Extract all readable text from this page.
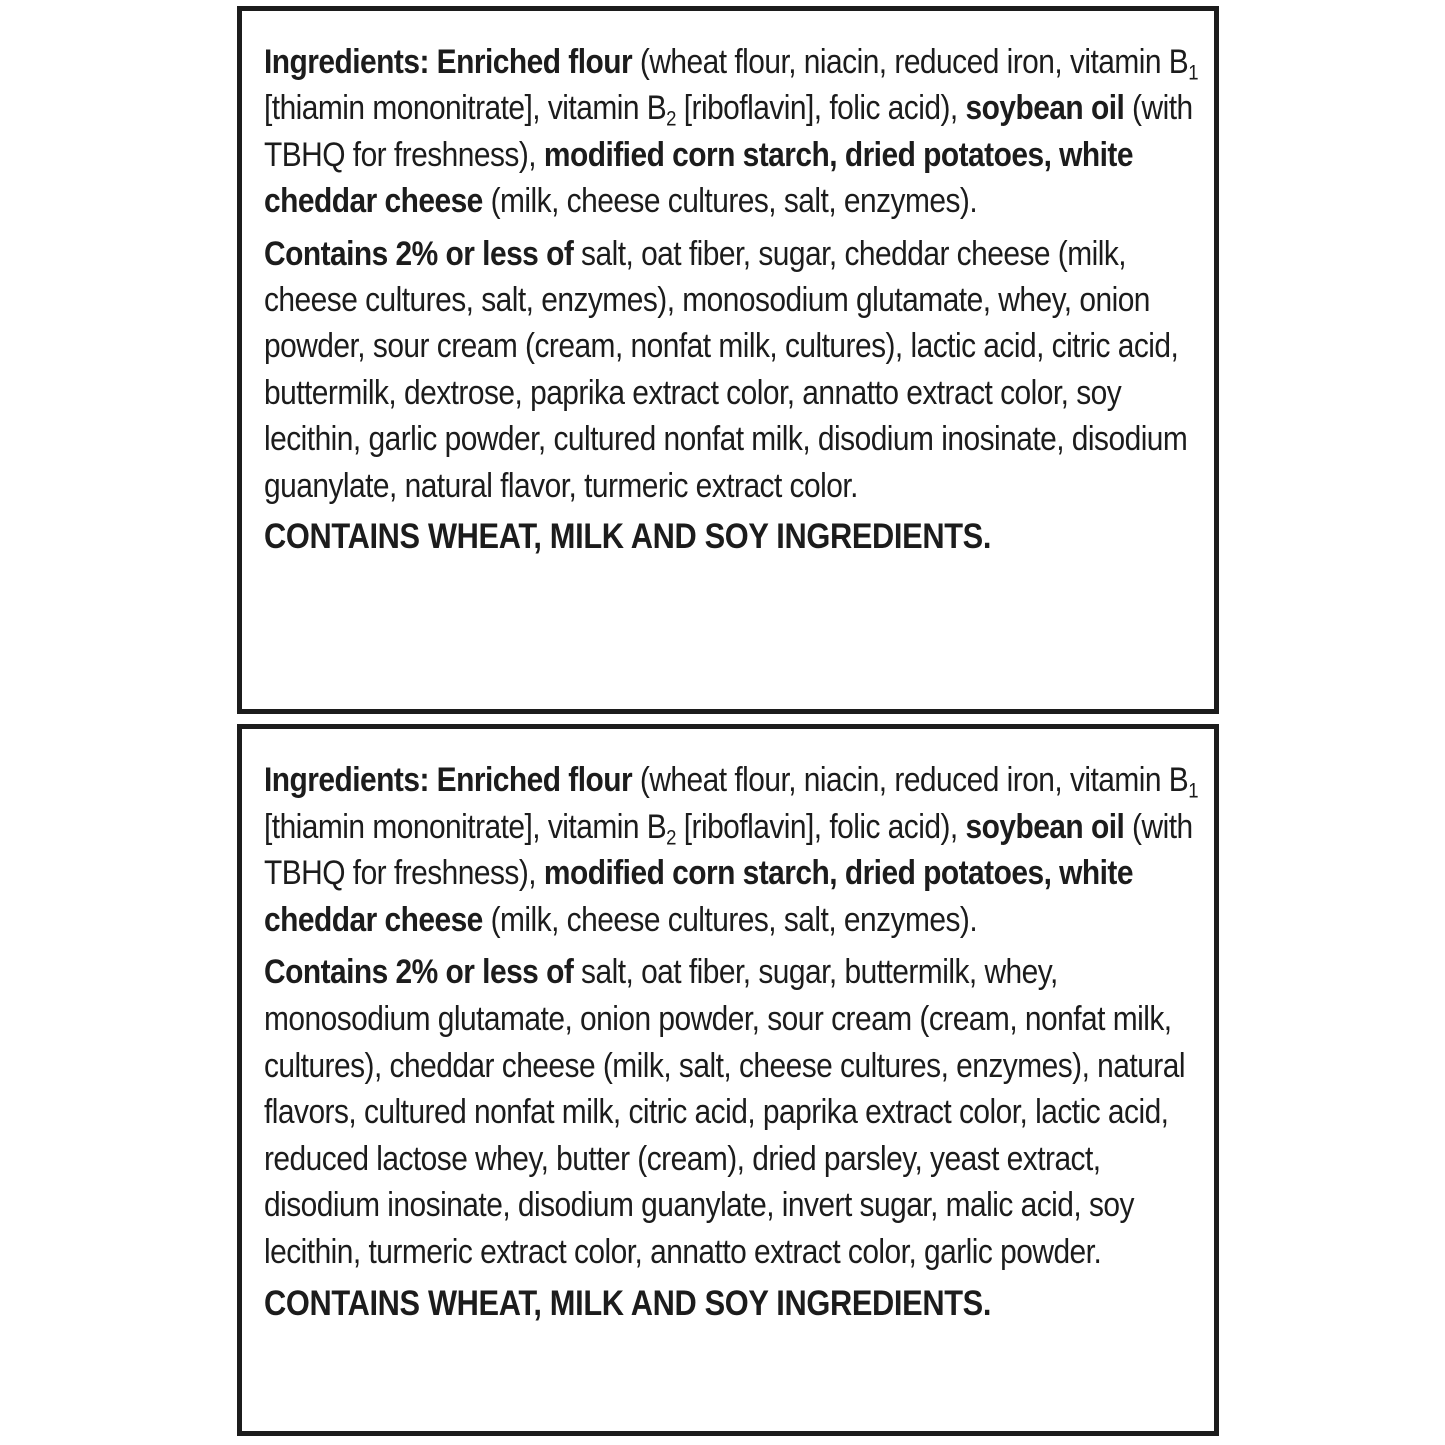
Ingredients: Enriched flour (wheat flour, niacin, reduced iron, vitamin $B_1$ [thiamin mononitrate], vitamin $B_2$ [riboflavin], folic acid), soybean oil (with TBHQ for freshness), modified corn starch, dried potatoes, white cheddar cheese (milk, cheese cultures, salt, enzymes).

Contains 2% or less of salt, oat fiber, sugar, cheddar cheese (milk, cheese cultures, salt, enzymes), monosodium glutamate, whey, onion powder, sour cream (cream, nonfat milk, cultures), lactic acid, citric acid, buttermilk, dextrose, paprika extract color, annatto extract color, soy lecithin, garlic powder, cultured nonfat milk, disodium inosinate, disodium guanylate, natural flavor, turmeric extract color.

CONTAINS WHEAT, MILK AND SOY INGREDIENTS.

Ingredients: Enriched flour (wheat flour, niacin, reduced iron, vitamin $B_1$ [thiamin mononitrate], vitamin $B_2$ [riboflavin], folic acid), soybean oil (with TBHQ for freshness), modified corn starch, dried potatoes, white cheddar cheese (milk, cheese cultures, salt, enzymes).

Contains 2% or less of salt, oat fiber, sugar, buttermilk, whey, monosodium glutamate, onion powder, sour cream (cream, nonfat milk, cultures), cheddar cheese (milk, salt, cheese cultures, enzymes), natural flavors, cultured nonfat milk, citric acid, paprika extract color, lactic acid, reduced lactose whey, butter (cream), dried parsley, yeast extract, disodium inosinate, disodium guanylate, invert sugar, malic acid, soy lecithin, turmeric extract color, annatto extract color, garlic powder.

CONTAINS WHEAT, MILK AND SOY INGREDIENTS.
